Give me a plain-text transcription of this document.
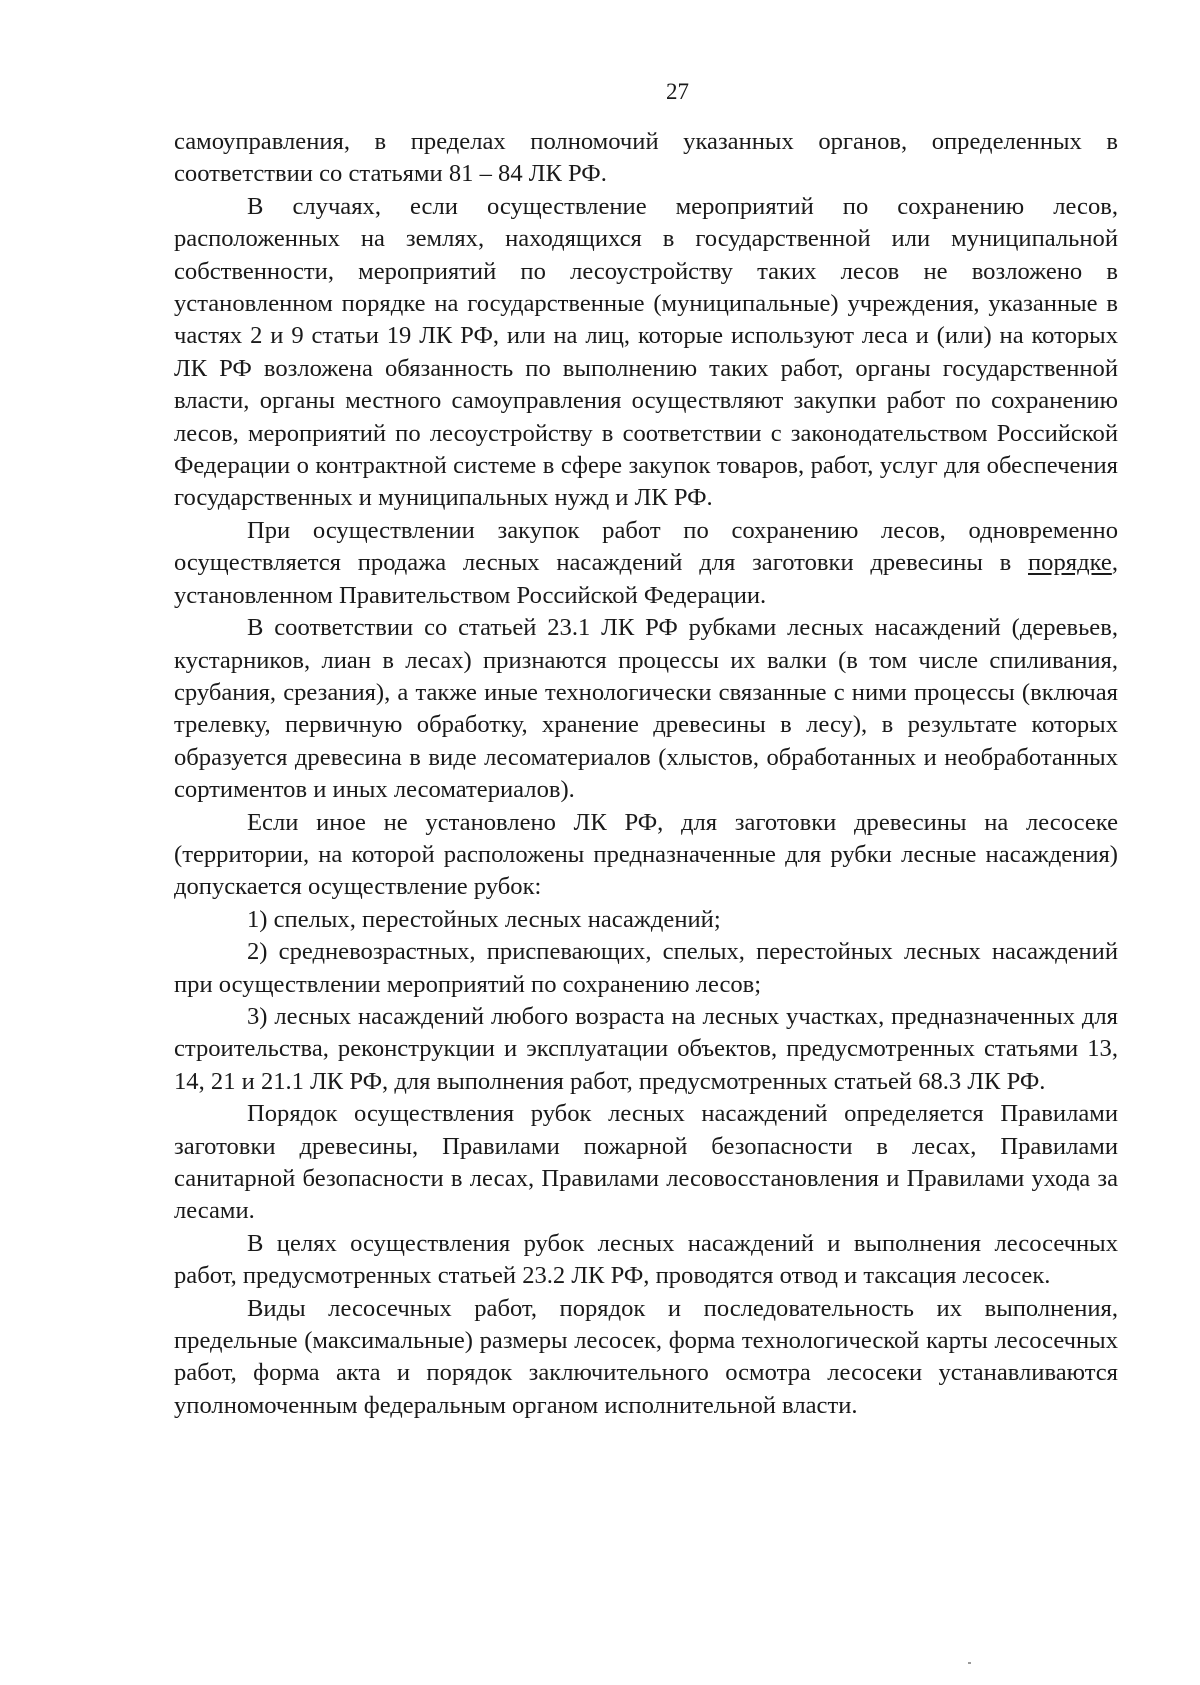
27

самоуправления, в пределах полномочий указанных органов, определенных в соответствии со статьями 81 – 84 ЛК РФ.

В случаях, если осуществление мероприятий по сохранению лесов, расположенных на землях, находящихся в государственной или муниципальной собственности, мероприятий по лесоустройству таких лесов не возложено в установленном порядке на государственные (муниципальные) учреждения, указанные в частях 2 и 9 статьи 19 ЛК РФ, или на лиц, которые используют леса и (или) на которых ЛК РФ возложена обязанность по выполнению таких работ, органы государственной власти, органы местного самоуправления осуществляют закупки работ по сохранению лесов, мероприятий по лесоустройству в соответствии с законодательством Российской Федерации о контрактной системе в сфере закупок товаров, работ, услуг для обеспечения государственных и муниципальных нужд и ЛК РФ.

При осуществлении закупок работ по сохранению лесов, одновременно осуществляется продажа лесных насаждений для заготовки древесины в порядке, установленном Правительством Российской Федерации.

В соответствии со статьей 23.1 ЛК РФ рубками лесных насаждений (деревьев, кустарников, лиан в лесах) признаются процессы их валки (в том числе спиливания, срубания, срезания), а также иные технологически связанные с ними процессы (включая трелевку, первичную обработку, хранение древесины в лесу), в результате которых образуется древесина в виде лесоматериалов (хлыстов, обработанных и необработанных сортиментов и иных лесоматериалов).

Если иное не установлено ЛК РФ, для заготовки древесины на лесосеке (территории, на которой расположены предназначенные для рубки лесные насаждения) допускается осуществление рубок:

1) спелых, перестойных лесных насаждений;

2) средневозрастных, приспевающих, спелых, перестойных лесных насаждений при осуществлении мероприятий по сохранению лесов;

3) лесных насаждений любого возраста на лесных участках, предназначенных для строительства, реконструкции и эксплуатации объектов, предусмотренных статьями 13, 14, 21 и 21.1 ЛК РФ, для выполнения работ, предусмотренных статьей 68.3 ЛК РФ.

Порядок осуществления рубок лесных насаждений определяется Правилами заготовки древесины, Правилами пожарной безопасности в лесах, Правилами санитарной безопасности в лесах, Правилами лесовосстановления и Правилами ухода за лесами.

В целях осуществления рубок лесных насаждений и выполнения лесосечных работ, предусмотренных статьей 23.2 ЛК РФ, проводятся отвод и таксация лесосек.

Виды лесосечных работ, порядок и последовательность их выполнения, предельные (максимальные) размеры лесосек, форма технологической карты лесосечных работ, форма акта и порядок заключительного осмотра лесосеки устанавливаются уполномоченным федеральным органом исполнительной власти.
